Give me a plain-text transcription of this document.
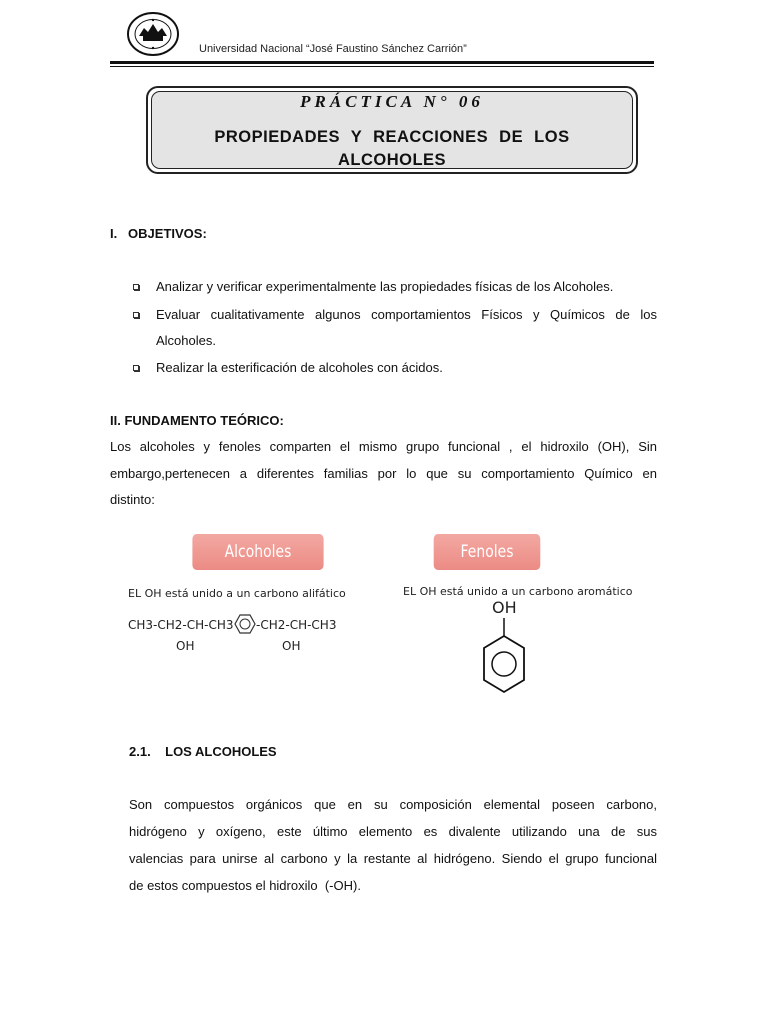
Universidad Nacional “José Faustino Sánchez Carrión”
PRÁCTICA N° 06
PROPIEDADES Y REACCIONES DE LOS
ALCOHOLES
I.   OBJETIVOS:
Analizar y verificar experimentalmente las propiedades físicas de los Alcoholes.
Evaluar cualitativamente algunos comportamientos Físicos y Químicos de los
Alcoholes.
Realizar la esterificación de alcoholes con ácidos.
II. FUNDAMENTO TEÓRICO:
Los alcoholes y fenoles comparten el mismo grupo funcional , el hidroxilo (OH), Sin
embargo,pertenecen a diferentes familias por lo que su comportamiento Químico en
distinto:
Alcoholes	Fenoles
EL OH está unido a un carbono alifático	EL OH está unido a un carbono aromático
CH3-CH2-CH-CH3
OH
-CH2-CH-CH3
OH
OH
2.1.    LOS ALCOHOLES
Son compuestos orgánicos que en su composición elemental poseen carbono,
hidrógeno y oxígeno, este último elemento es divalente utilizando una de sus
valencias para unirse al carbono y la restante al hidrógeno. Siendo el grupo funcional
de estos compuestos el hidroxilo  (-OH).
